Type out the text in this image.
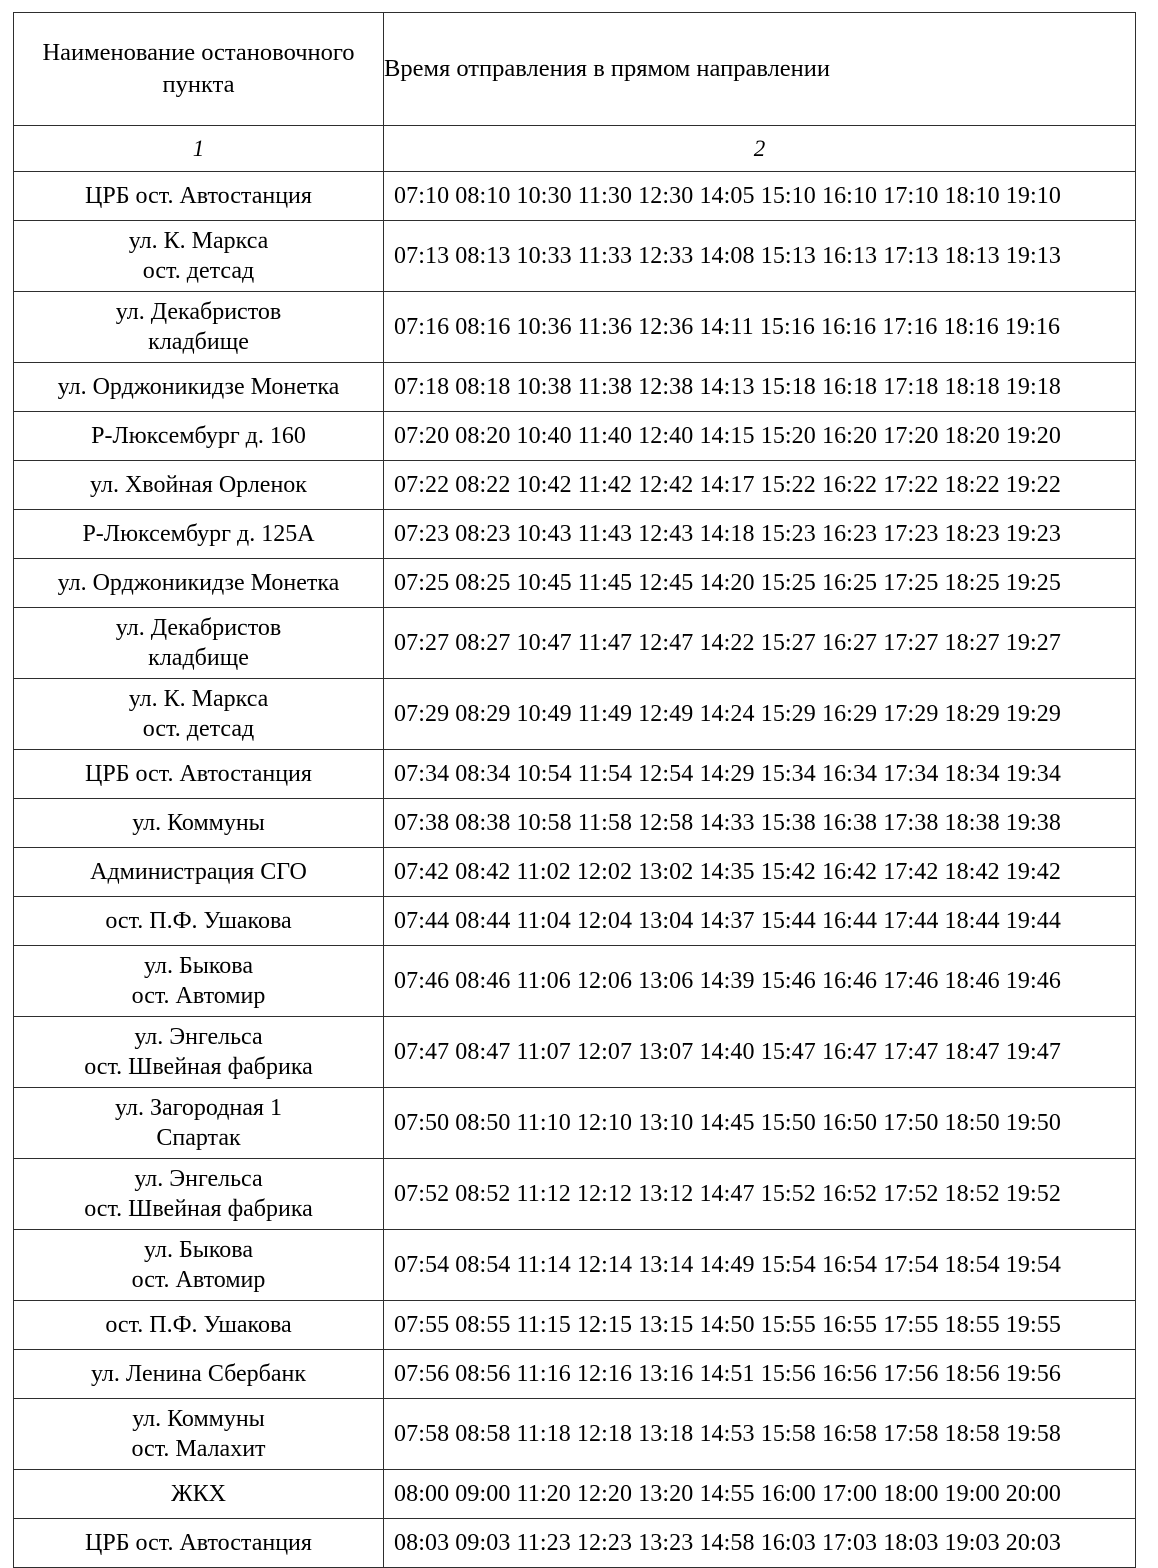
Наименование остановочного
пункта	Время отправления в прямом направлении
1	2

ЦРБ ост. Автостанция	07:10 08:10 10:30 11:30 12:30 14:05 15:10 16:10 17:10 18:10 19:10

ул. К. Маркса
ост. детсад	07:13 08:13 10:33 11:33 12:33 14:08 15:13 16:13 17:13 18:13 19:13

ул. Декабристов
кладбище	07:16 08:16 10:36 11:36 12:36 14:11 15:16 16:16 17:16 18:16 19:16

ул. Орджоникидзе Монетка	07:18 08:18 10:38 11:38 12:38 14:13 15:18 16:18 17:18 18:18 19:18

Р-Люксембург д. 160	07:20 08:20 10:40 11:40 12:40 14:15 15:20 16:20 17:20 18:20 19:20

ул. Хвойная Орленок	07:22 08:22 10:42 11:42 12:42 14:17 15:22 16:22 17:22 18:22 19:22

Р-Люксембург д. 125А	07:23 08:23 10:43 11:43 12:43 14:18 15:23 16:23 17:23 18:23 19:23

ул. Орджоникидзе Монетка	07:25 08:25 10:45 11:45 12:45 14:20 15:25 16:25 17:25 18:25 19:25

ул. Декабристов
кладбище	07:27 08:27 10:47 11:47 12:47 14:22 15:27 16:27 17:27 18:27 19:27

ул. К. Маркса
ост. детсад	07:29 08:29 10:49 11:49 12:49 14:24 15:29 16:29 17:29 18:29 19:29

ЦРБ ост. Автостанция	07:34 08:34 10:54 11:54 12:54 14:29 15:34 16:34 17:34 18:34 19:34

ул. Коммуны	07:38 08:38 10:58 11:58 12:58 14:33 15:38 16:38 17:38 18:38 19:38

Администрация СГО	07:42 08:42 11:02 12:02 13:02 14:35 15:42 16:42 17:42 18:42 19:42

ост. П.Ф. Ушакова	07:44 08:44 11:04 12:04 13:04 14:37 15:44 16:44 17:44 18:44 19:44

ул. Быкова
ост. Автомир	07:46 08:46 11:06 12:06 13:06 14:39 15:46 16:46 17:46 18:46 19:46

ул. Энгельса
ост. Швейная фабрика	07:47 08:47 11:07 12:07 13:07 14:40 15:47 16:47 17:47 18:47 19:47

ул. Загородная 1
Спартак	07:50 08:50 11:10 12:10 13:10 14:45 15:50 16:50 17:50 18:50 19:50

ул. Энгельса
ост. Швейная фабрика	07:52 08:52 11:12 12:12 13:12 14:47 15:52 16:52 17:52 18:52 19:52

ул. Быкова
ост. Автомир	07:54 08:54 11:14 12:14 13:14 14:49 15:54 16:54 17:54 18:54 19:54

ост. П.Ф. Ушакова	07:55 08:55 11:15 12:15 13:15 14:50 15:55 16:55 17:55 18:55 19:55

ул. Ленина Сбербанк	07:56 08:56 11:16 12:16 13:16 14:51 15:56 16:56 17:56 18:56 19:56

ул. Коммуны
ост. Малахит	07:58 08:58 11:18 12:18 13:18 14:53 15:58 16:58 17:58 18:58 19:58

ЖКХ	08:00 09:00 11:20 12:20 13:20 14:55 16:00 17:00 18:00 19:00 20:00

ЦРБ ост. Автостанция	08:03 09:03 11:23 12:23 13:23 14:58 16:03 17:03 18:03 19:03 20:03
